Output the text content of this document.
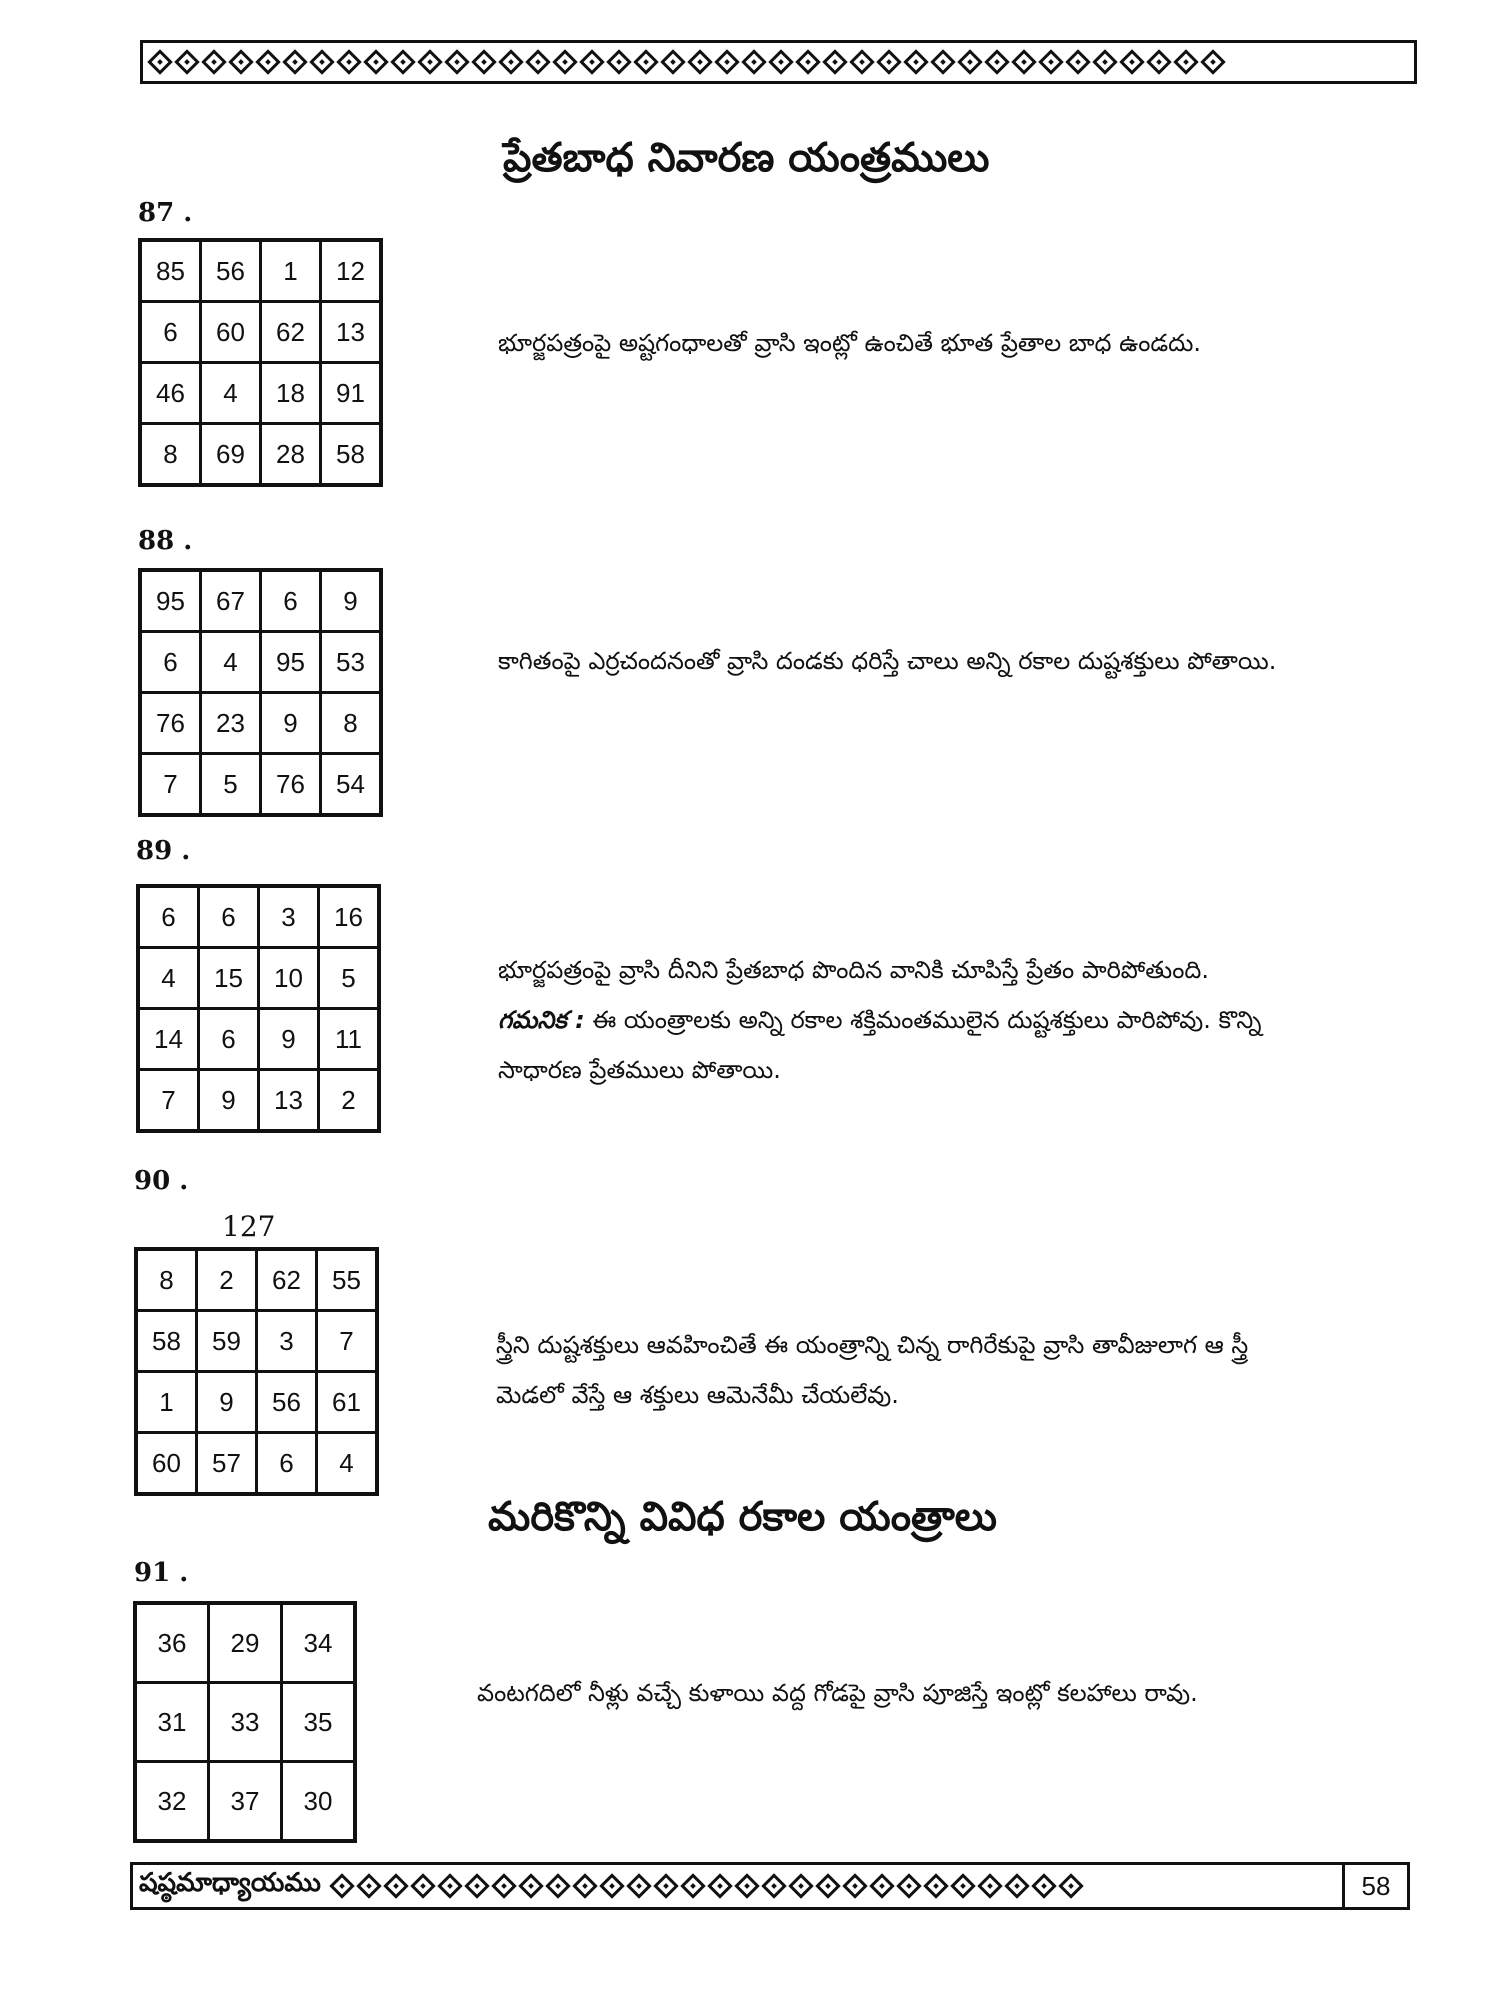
ప్రేతబాధ నివారణ యంత్రములు
87 .
85	56	1	12
6	60	62	13
46	4	18	91
8	69	28	58

భూర్జపత్రంపై అష్టగంధాలతో వ్రాసి ఇంట్లో ఉంచితే భూత ప్రేతాల బాధ ఉండదు.

88 .
95	67	6	9
6	4	95	53
76	23	9	8
7	5	76	54

కాగితంపై ఎర్రచందనంతో వ్రాసి దండకు ధరిస్తే చాలు అన్ని రకాల దుష్టశక్తులు పోతాయి.

89 .
6	6	3	16
4	15	10	5
14	6	9	11
7	9	13	2

భూర్జపత్రంపై వ్రాసి దీనిని ప్రేతబాధ పొందిన వానికి చూపిస్తే ప్రేతం పారిపోతుంది.

గమనిక : ఈ యంత్రాలకు అన్ని రకాల శక్తిమంతములైన దుష్టశక్తులు పారిపోవు. కొన్ని

సాధారణ ప్రేతములు పోతాయి.

90 .
127
8	2	62	55
58	59	3	7
1	9	56	61
60	57	6	4

స్త్రీని దుష్టశక్తులు ఆవహించితే ఈ యంత్రాన్ని చిన్న రాగిరేకుపై వ్రాసి తావీజులాగ ఆ స్త్రీ

మెడలో వేస్తే ఆ శక్తులు ఆమెనేమీ చేయలేవు.

మరికొన్ని వివిధ రకాల యంత్రాలు
91 .
36	29	34
31	33	35
32	37	30

వంటగదిలో నీళ్లు వచ్చే కుళాయి వద్ద గోడపై వ్రాసి పూజిస్తే ఇంట్లో కలహాలు రావు.

షష్ఠమాధ్యాయము	58
